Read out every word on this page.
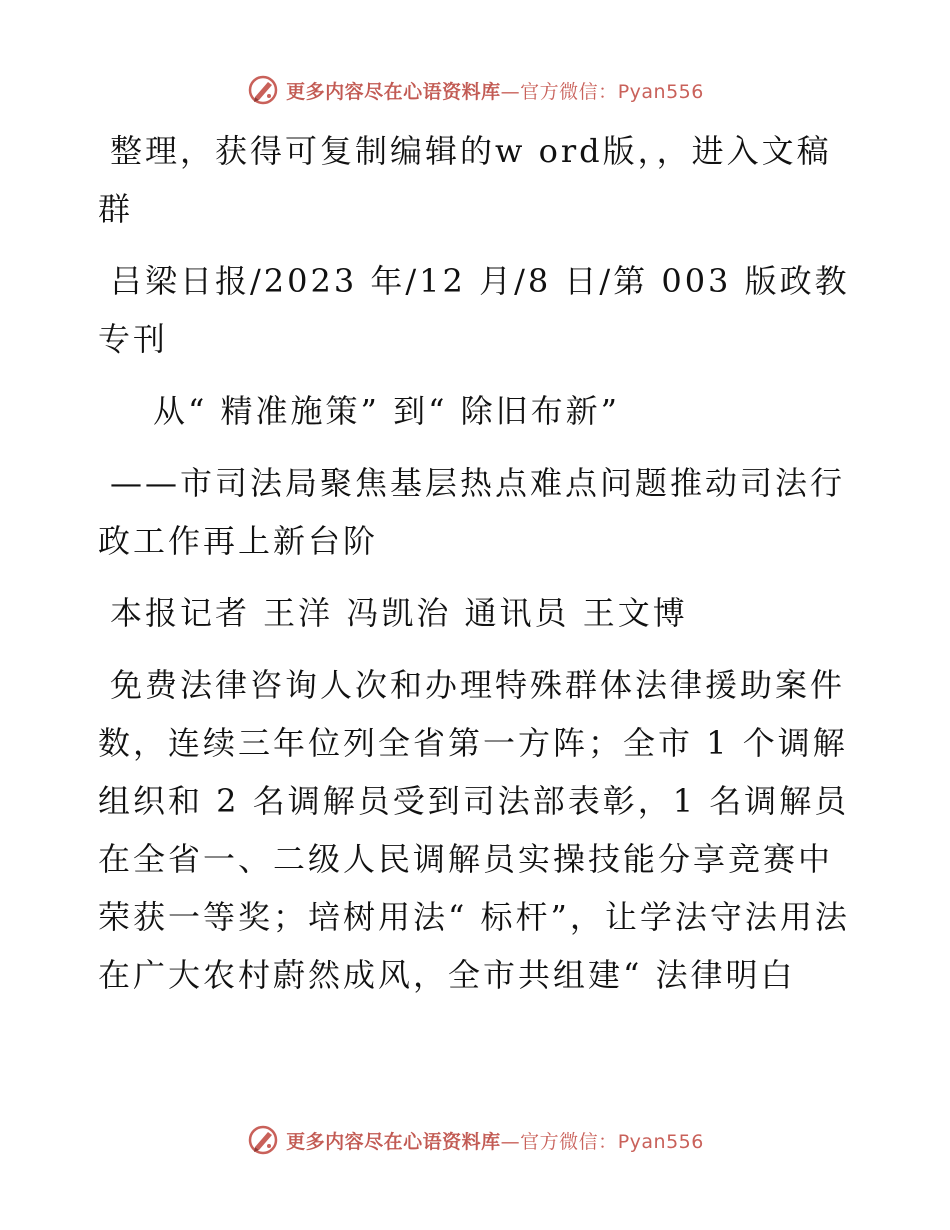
更多内容尽在心语资料库—官方微信：Pyan556

整理，获得可复制编辑的w ord版，，进入文稿群

吕梁日报/2023 年/12 月/8 日/第 003 版政教专刊

从“ 精准施策” 到“ 除旧布新”

——市司法局聚焦基层热点难点问题推动司法行政工作再上新台阶

本报记者 王洋 冯凯治 通讯员 王文博

免费法律咨询人次和办理特殊群体法律援助案件数，连续三年位列全省第一方阵；全市 1 个调解组织和 2 名调解员受到司法部表彰，1 名调解员在全省一、二级人民调解员实操技能分享竞赛中荣获一等奖；培树用法“ 标杆”，让学法守法用法在广大农村蔚然成风，全市共组建“ 法律明白

更多内容尽在心语资料库—官方微信：Pyan556
